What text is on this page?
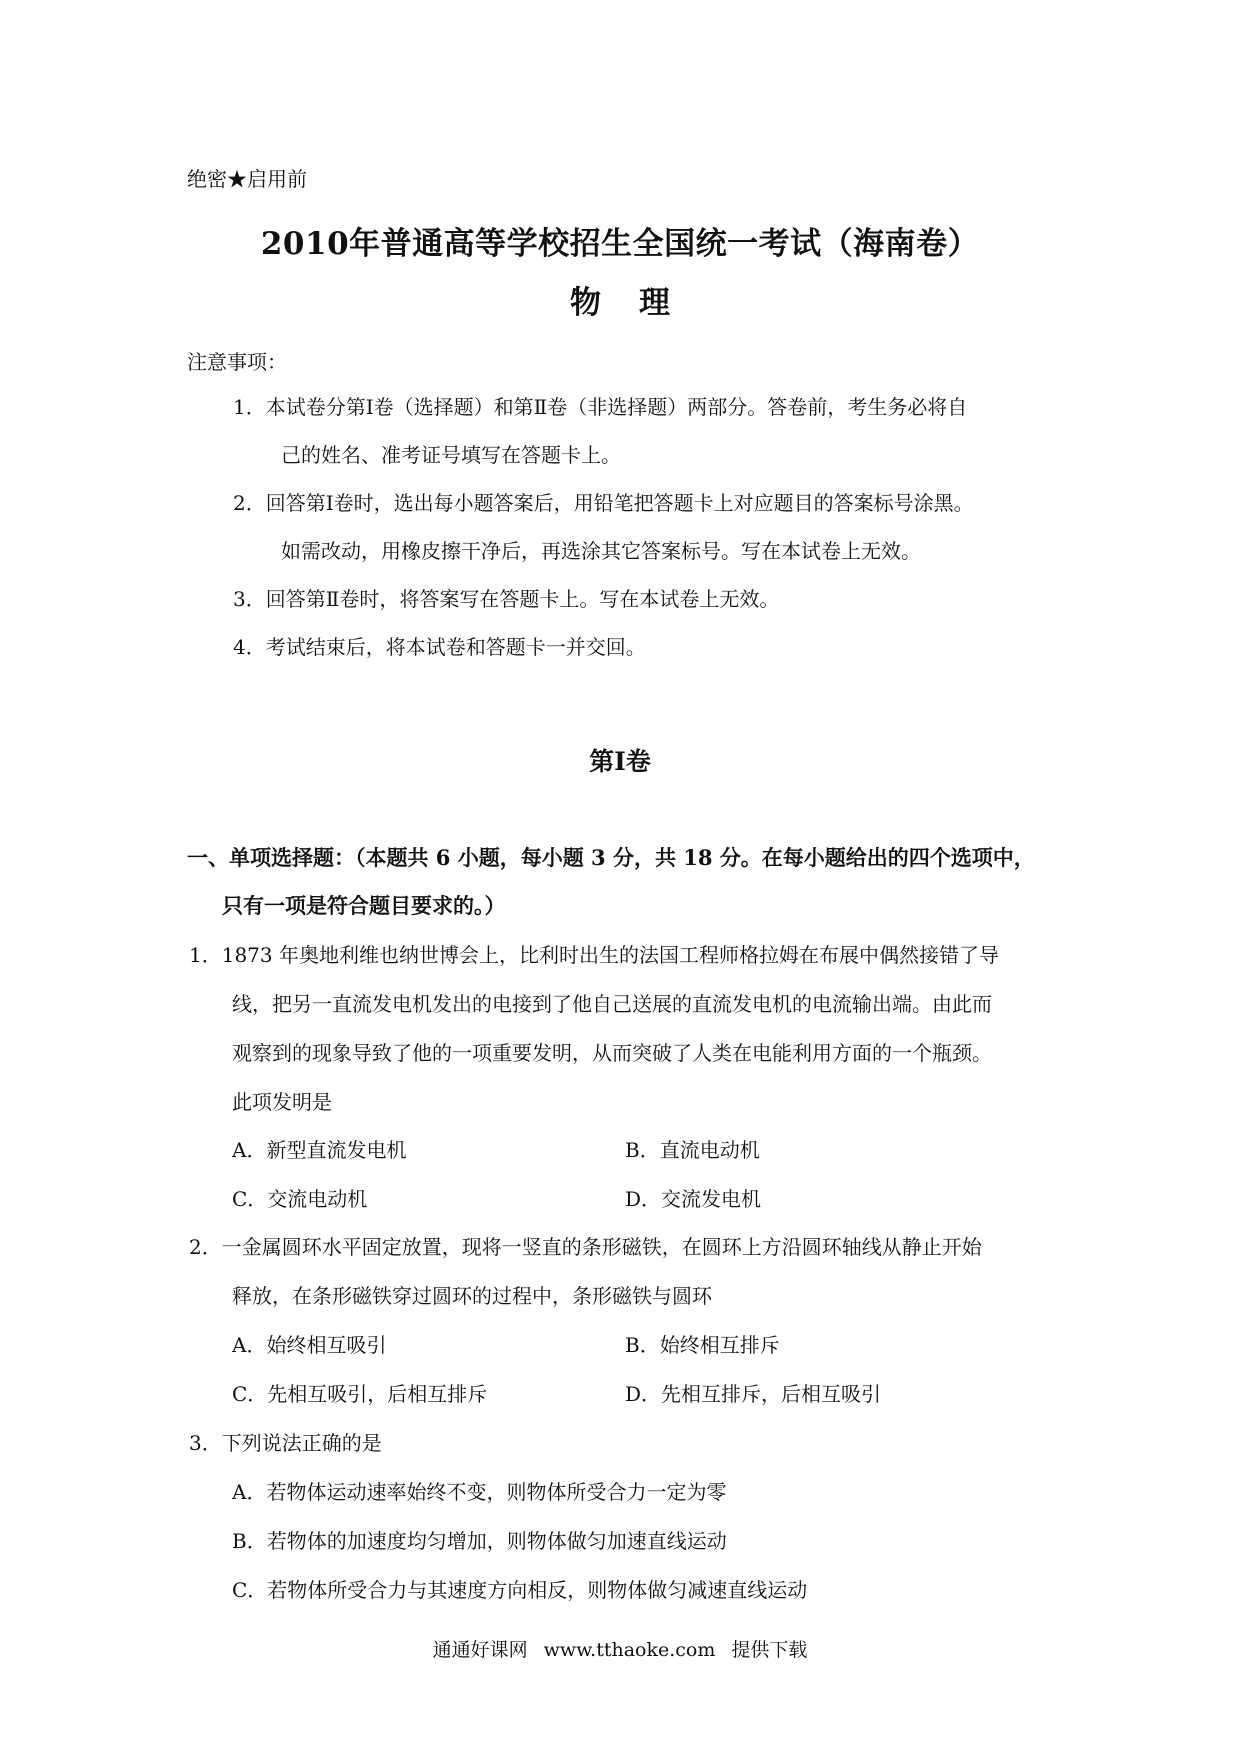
绝密★启用前
2010年普通高等学校招生全国统一考试（海南卷）
物 理
注意事项：
1．本试卷分第Ⅰ卷（选择题）和第Ⅱ卷（非选择题）两部分。答卷前，考生务必将自
己的姓名、准考证号填写在答题卡上。
2．回答第Ⅰ卷时，选出每小题答案后，用铅笔把答题卡上对应题目的答案标号涂黑。
如需改动，用橡皮擦干净后，再选涂其它答案标号。写在本试卷上无效。
3．回答第Ⅱ卷时，将答案写在答题卡上。写在本试卷上无效。
4．考试结束后，将本试卷和答题卡一并交回。
第Ⅰ卷
一、单项选择题：（本题共 6 小题，每小题 3 分，共 18 分。在每小题给出的四个选项中，
只有一项是符合题目要求的。）
1．1873 年奥地利维也纳世博会上，比利时出生的法国工程师格拉姆在布展中偶然接错了导
线，把另一直流发电机发出的电接到了他自己送展的直流发电机的电流输出端。由此而
观察到的现象导致了他的一项重要发明，从而突破了人类在电能利用方面的一个瓶颈。
此项发明是
A．新型直流发电机	B．直流电动机
C．交流电动机	D．交流发电机
2．一金属圆环水平固定放置，现将一竖直的条形磁铁，在圆环上方沿圆环轴线从静止开始
释放，在条形磁铁穿过圆环的过程中，条形磁铁与圆环
A．始终相互吸引	B．始终相互排斥
C．先相互吸引，后相互排斥	D．先相互排斥，后相互吸引
3．下列说法正确的是
A．若物体运动速率始终不变，则物体所受合力一定为零
B．若物体的加速度均匀增加，则物体做匀加速直线运动
C．若物体所受合力与其速度方向相反，则物体做匀减速直线运动
通通好课网 www.tthaoke.com 提供下载
